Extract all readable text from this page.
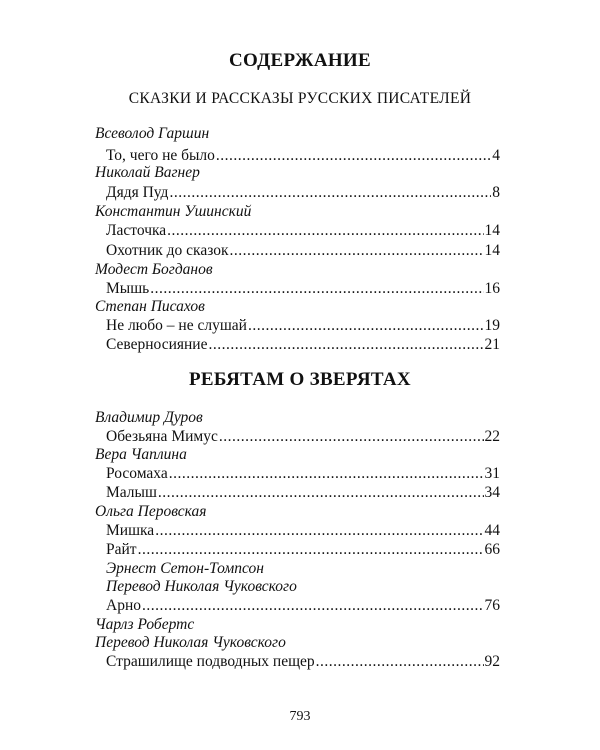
СОДЕРЖАНИЕ
СКАЗКИ И РАССКАЗЫ РУССКИХ ПИСАТЕЛЕЙ
Всеволод Гаршин
То, чего не было .....	4
Николай Вагнер
Дядя Пуд .....	8
Константин Ушинский
Ласточка .....	14
Охотник до сказок .....	14
Модест Богданов
Мышь .....	16
Степан Писахов
Не любо – не слушай .....	19
Северносияние .....	21
РЕБЯТАМ О ЗВЕРЯТАХ
Владимир Дуров
Обезьяна Мимус .....	22
Вера Чаплина
Росомаха .....	31
Малыш .....	34
Ольга Перовская
Мишка .....	44
Райт .....	66
Эрнест Сетон-Томпсон
Перевод Николая Чуковского
Арно .....	76
Чарлз Робертс
Перевод Николая Чуковского
Страшилище подводных пещер .....	92
793
